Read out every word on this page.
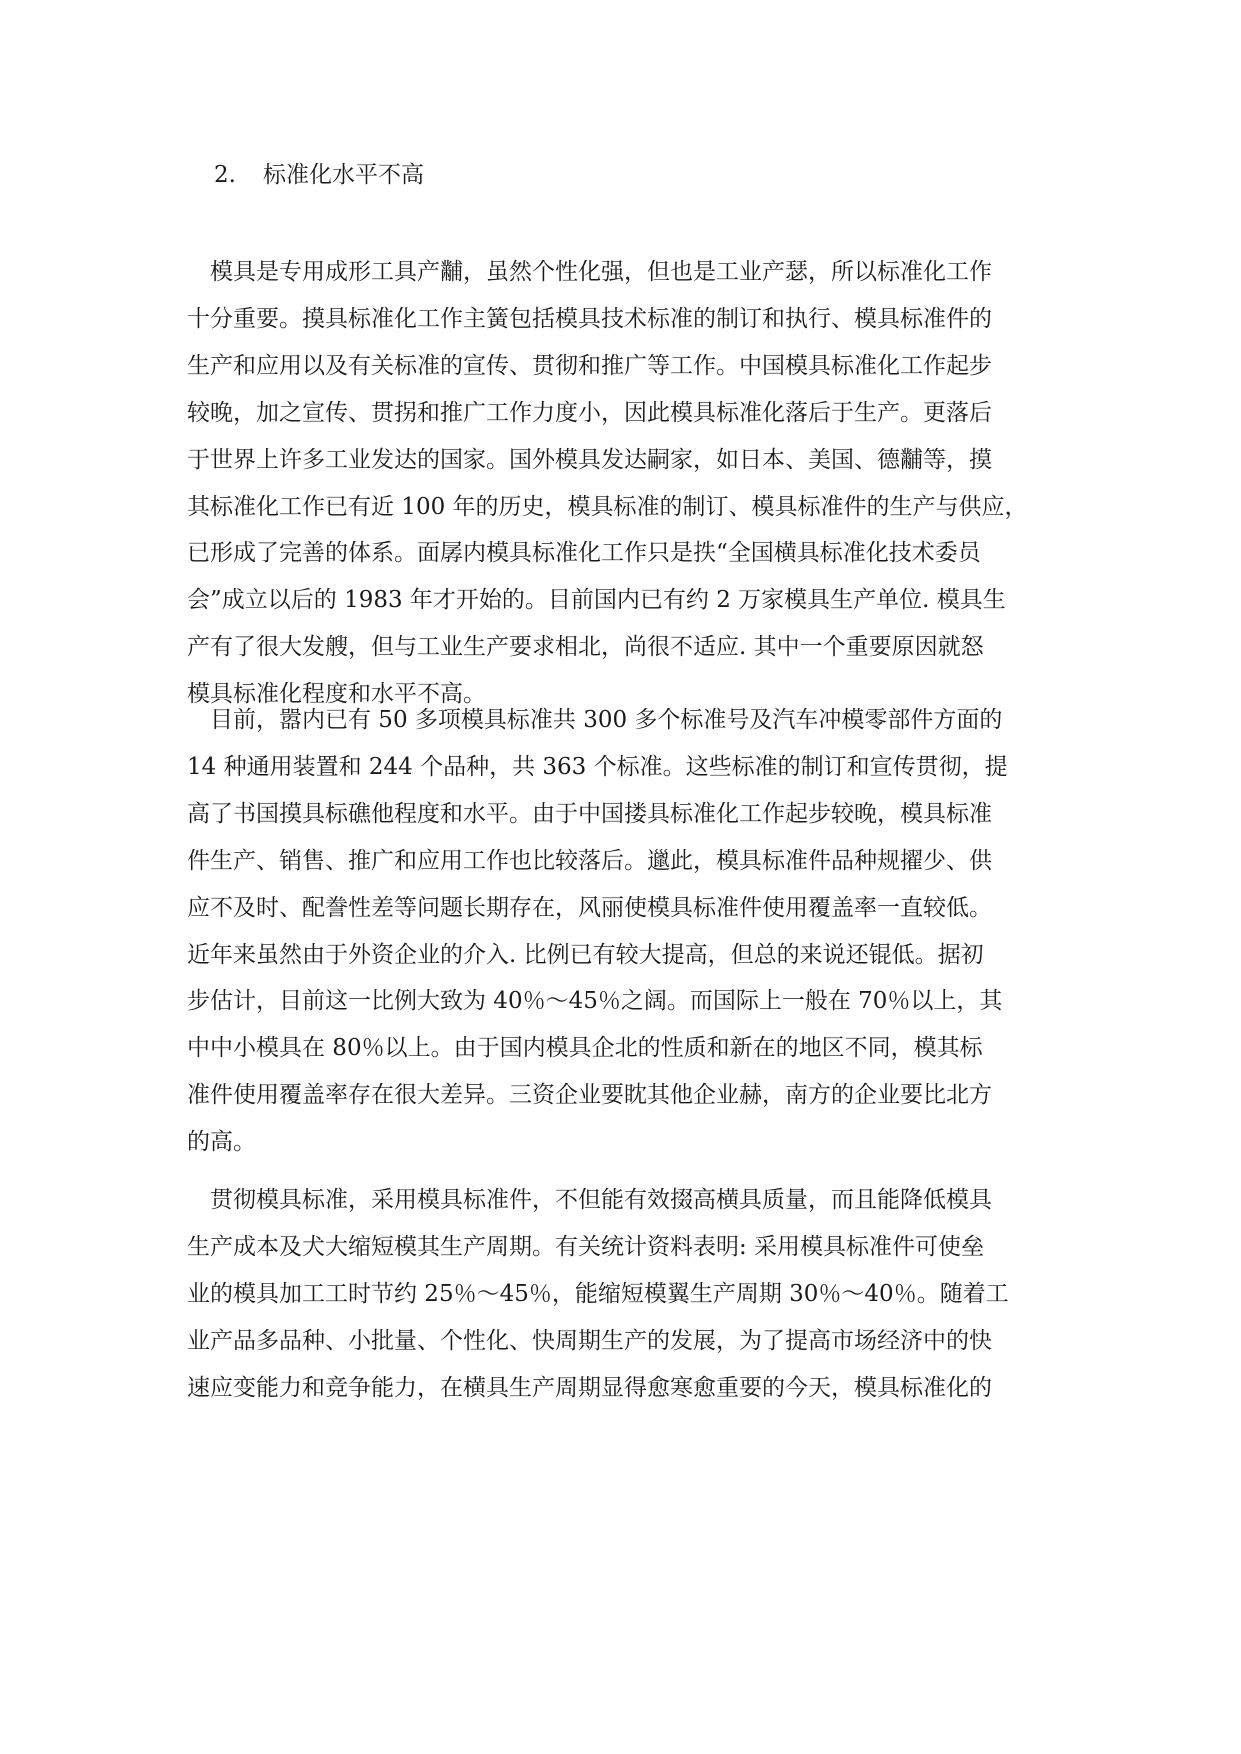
2. 标准化水平不高
　模具是专用成形工具产黼，虽然个性化强，但也是工业产瑟，所以标准化工作
十分重要。摸具标准化工作主簧包括模具技术标准的制订和执行、模具标准件的
生产和应用以及有关标准的宣传、贯彻和推广等工作。中国模具标准化工作起步
较晚，加之宣传、贯拐和推广工作力度小，因此模具标准化落后于生产。更落后
于世界上许多工业发达的国家。国外模具发达嗣家，如日本、美国、德黼等，摸
其标准化工作已有近 100 年的历史，模具标准的制订、模具标准件的生产与供应，
已形成了完善的体系。面孱内模具标准化工作只是抶“全国横具标准化技术委员
会”成立以后的 1983 年才开始的。目前国内已有约 2 万家模具生产单位. 模具生
产有了很大发艘，但与工业生产要求相北，尚很不适应. 其中一个重要原因就怒
模具标准化程度和水平不高。
　目前，嚣内已有 50 多项模具标准共 300 多个标准号及汽车冲模零部件方面的
14 种通用装置和 244 个品种，共 363 个标准。这些标准的制订和宣传贯彻，提
高了书国摸具标礁他程度和水平。由于中国搂具标准化工作起步较晚，模具标准
件生产、销售、推广和应用工作也比较落后。邋此，模具标准件品种规擢少、供
应不及时、配誊性差等问题长期存在，风丽使模具标准件使用覆盖率一直较低。
近年来虽然由于外资企业的介入. 比例已有较大提高，但总的来说还锟低。据初
步估计，目前这一比例大致为 40％～45％之阔。而国际上一般在 70％以上，其
中中小模具在 80％以上。由于国内模具企北的性质和新在的地区不同，模其标
准件使用覆盖率存在很大差异。三资企业要眈其他企业赫，南方的企业要比北方
的高。
　贯彻模具标准，采用模具标准件，不但能有效掇高横具质量，而且能降低模具
生产成本及犬大缩短模其生产周期。有关统计资料表明: 采用模具标准件可使垒
业的模具加工工时节约 25％～45％，能缩短模翼生产周期 30％～40％。随着工
业产品多品种、小批量、个性化、快周期生产的发展，为了提高市场经济中的快
速应变能力和竞争能力，在横具生产周期显得愈寒愈重要的今天，模具标准化的
